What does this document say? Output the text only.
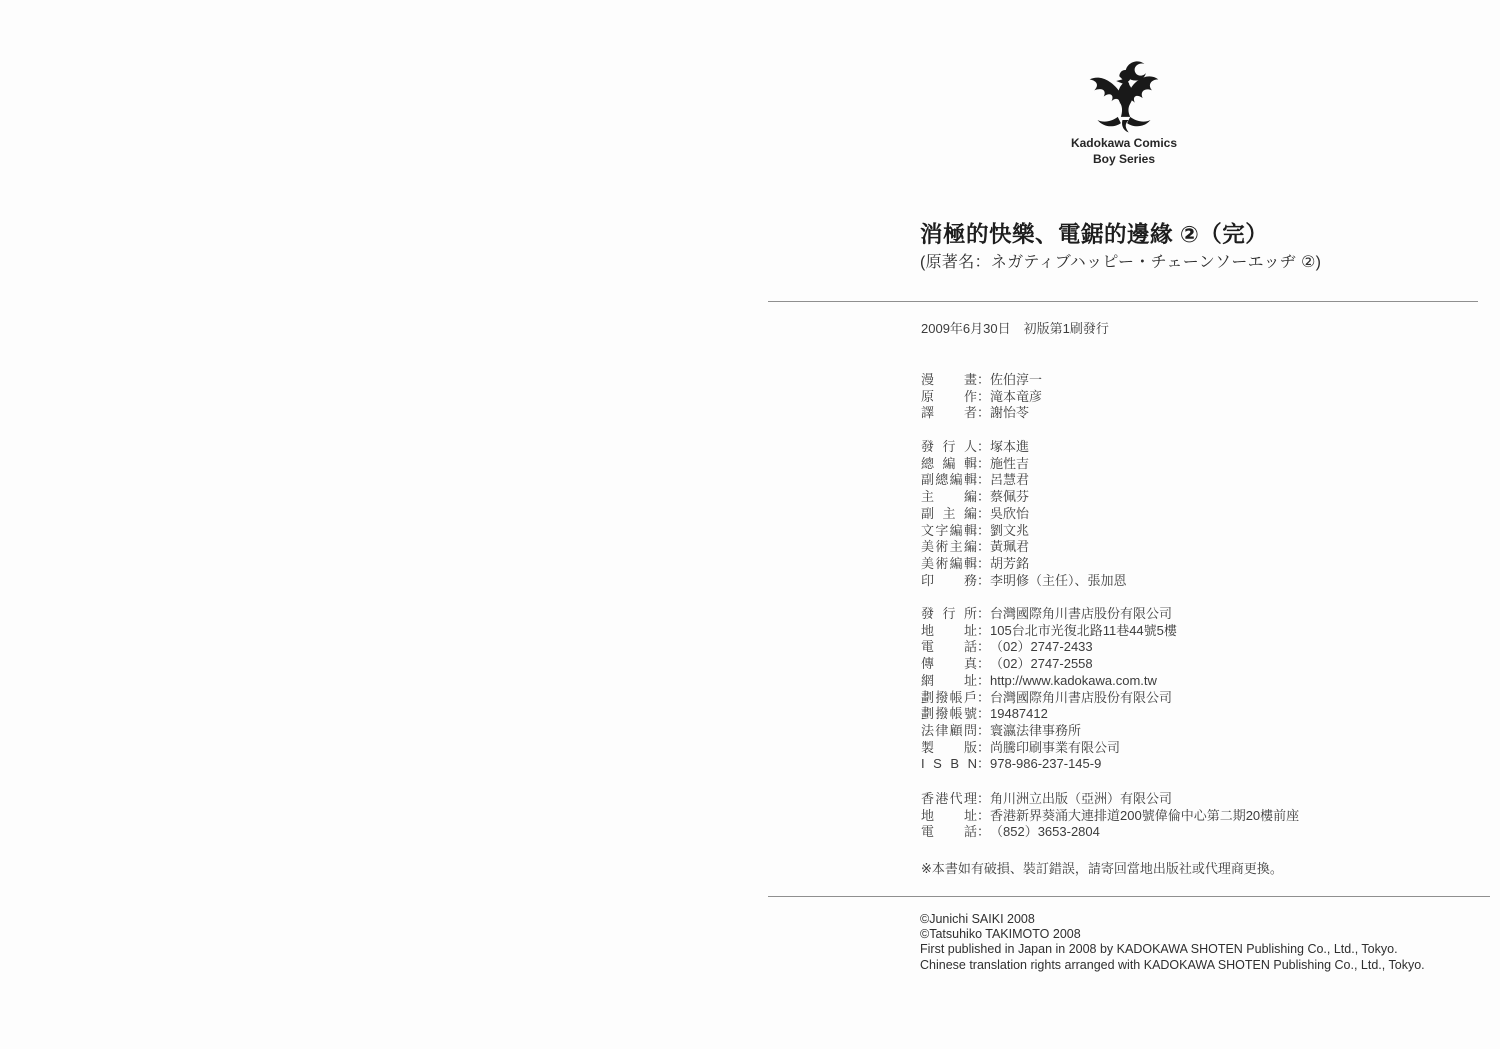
Kadokawa Comics
Boy Series
消極的快樂、電鋸的邊緣 ②（完）
(原著名：ネガティブハッピー・チェーンソーエッヂ ②)
2009年6月30日　初版第1刷發行
漫 畫：佐伯淳一
原 作：滝本竜彦
譯 者：謝怡苓
發 行 人：塚本進
總 編 輯：施性吉
副總編輯：呂慧君
主 編：蔡佩芬
副 主 編：吳欣怡
文字編輯：劉文兆
美術主編：黃珮君
美術編輯：胡芳銘
印 務：李明修（主任）、張加恩
發 行 所：台灣國際角川書店股份有限公司
地 址：105台北市光復北路11巷44號5樓
電 話：（02）2747-2433
傳 真：（02）2747-2558
網 址：http://www.kadokawa.com.tw
劃撥帳戶：台灣國際角川書店股份有限公司
劃撥帳號：19487412
法律顧問：寰瀛法律事務所
製 版：尚騰印刷事業有限公司
I S B N：978-986-237-145-9
香港代理：角川洲立出版（亞洲）有限公司
地 址：香港新界葵涌大連排道200號偉倫中心第二期20樓前座
電 話：（852）3653-2804
※本書如有破損、裝訂錯誤，請寄回當地出版社或代理商更換。
©Junichi SAIKI 2008
©Tatsuhiko TAKIMOTO 2008
First published in Japan in 2008 by KADOKAWA SHOTEN Publishing Co., Ltd., Tokyo.
Chinese translation rights arranged with KADOKAWA SHOTEN Publishing Co., Ltd., Tokyo.
